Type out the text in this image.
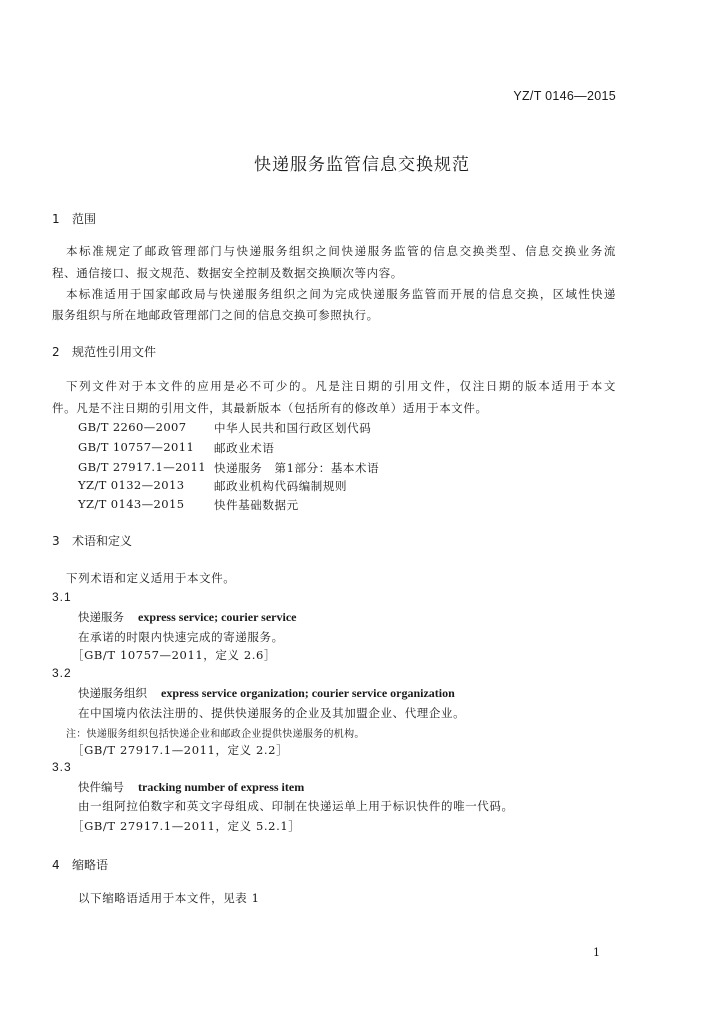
YZ/T 0146—2015
快递服务监管信息交换规范
1 范围
本标准规定了邮政管理部门与快递服务组织之间快递服务监管的信息交换类型、信息交换业务流
程、通信接口、报文规范、数据安全控制及数据交换顺次等内容。
本标准适用于国家邮政局与快递服务组织之间为完成快递服务监管而开展的信息交换，区域性快递
服务组织与所在地邮政管理部门之间的信息交换可参照执行。
2 规范性引用文件
下列文件对于本文件的应用是必不可少的。凡是注日期的引用文件，仅注日期的版本适用于本文
件。凡是不注日期的引用文件，其最新版本（包括所有的修改单）适用于本文件。
GB/T 2260—2007 中华人民共和国行政区划代码
GB/T 10757—2011 邮政业术语
GB/T 27917.1—2011 快递服务　第1部分：基本术语
YZ/T 0132—2013	邮政业机构代码编制规则
YZ/T 0143—2015	快件基础数据元
3 术语和定义
下列术语和定义适用于本文件。
3.1
快递服务 express service; courier service
在承诺的时限内快速完成的寄递服务。
［GB/T 10757—2011，定义 2.6］
3.2
快递服务组织 express service organization; courier service organization
在中国境内依法注册的、提供快递服务的企业及其加盟企业、代理企业。
注：快递服务组织包括快递企业和邮政企业提供快递服务的机构。
［GB/T 27917.1—2011，定义 2.2］
3.3
快件编号 tracking number of express item
由一组阿拉伯数字和英文字母组成、印制在快递运单上用于标识快件的唯一代码。
［GB/T 27917.1—2011，定义 5.2.1］
4 缩略语
以下缩略语适用于本文件，见表 1
1
